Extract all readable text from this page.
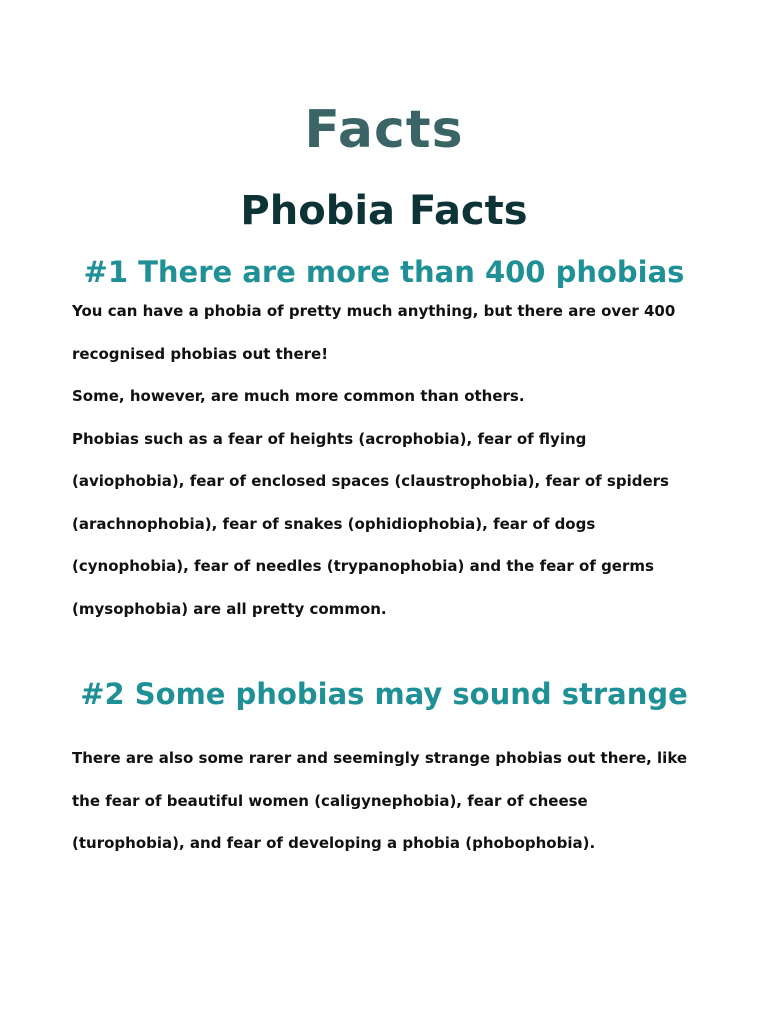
Facts
Phobia Facts
#1 There are more than 400 phobias
You can have a phobia of pretty much anything, but there are over 400
recognised phobias out there!
Some, however, are much more common than others.
Phobias such as a fear of heights (acrophobia), fear of flying
(aviophobia), fear of enclosed spaces (claustrophobia), fear of spiders
(arachnophobia), fear of snakes (ophidiophobia), fear of dogs
(cynophobia), fear of needles (trypanophobia) and the fear of germs
(mysophobia) are all pretty common.
#2 Some phobias may sound strange
There are also some rarer and seemingly strange phobias out there, like
the fear of beautiful women (caligynephobia), fear of cheese
(turophobia), and fear of developing a phobia (phobophobia).
